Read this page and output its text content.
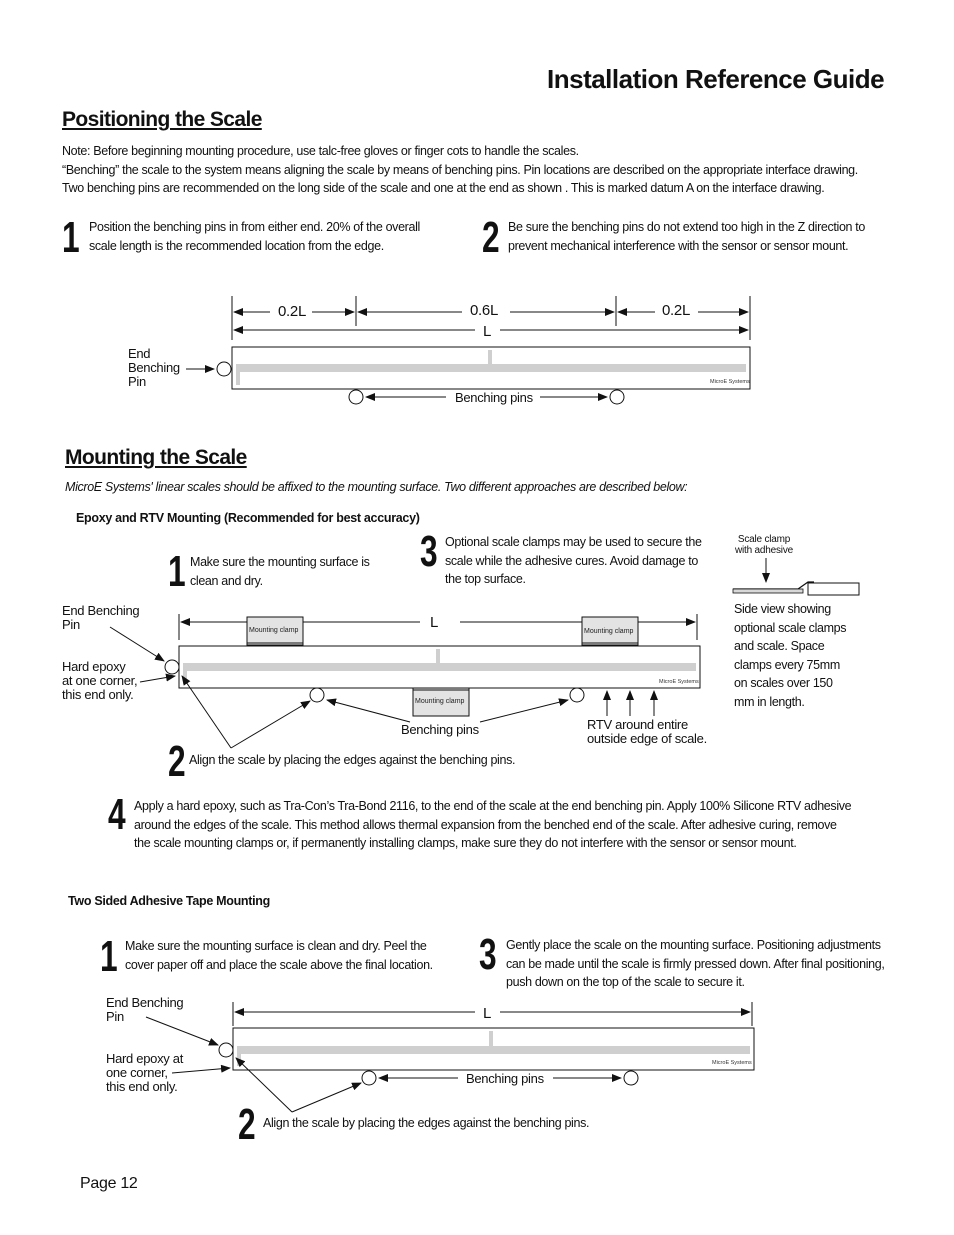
Installation Reference Guide
Positioning the Scale
Note: Before beginning mounting procedure, use talc-free gloves or finger cots to handle the scales.
“Benching” the scale to the system means aligning the scale by means of benching pins. Pin locations are described on the appropriate interface drawing.
Two benching pins are recommended on the long side of the scale and one at the end as shown . This is marked datum A on the interface drawing.
1 Position the benching pins in from either end. 20% of the overall
scale length is the recommended location from the edge.	2 Be sure the benching pins do not extend too high in the Z direction to
prevent mechanical interference with the sensor or sensor mount.
0.2L	0.6L	0.2L
L
End
Benching
Pin
Benching pins
MicroE Systems
Mounting the Scale
MicroE Systems' linear scales should be affixed to the mounting surface. Two different approaches are described below:
Epoxy and RTV Mounting (Recommended for best accuracy)
1 Make sure the mounting surface is
clean and dry.
3 Optional scale clamps may be used to secure the
scale while the adhesive cures. Avoid damage to
the top surface.
Mounting clamp	Mounting clamp
Mounting clamp
L
MicroE Systems
End Benching
Pin
Hard epoxy
at one corner,
this end only.
Benching pins	RTV around entire
outside edge of scale.
Scale clamp
with adhesive
Side view showing
optional scale clamps
and scale. Space
clamps every 75mm
on scales over 150
mm in length.
2 Align the scale by placing the edges against the benching pins.
4 Apply a hard epoxy, such as Tra-Con’s Tra-Bond 2116, to the end of the scale at the end benching pin. Apply 100% Silicone RTV adhesive
around the edges of the scale. This method allows thermal expansion from the benched end of the scale. After adhesive curing, remove
the scale mounting clamps or, if permanently installing clamps, make sure they do not interfere with the sensor or sensor mount.
Two Sided Adhesive Tape Mounting
1 Make sure the mounting surface is clean and dry. Peel the
cover paper off and place the scale above the final location.	3 Gently place the scale on the mounting surface. Positioning adjustments
can be made until the scale is firmly pressed down. After final positioning,
push down on the top of the scale to secure it.
L
MicroE Systems
End Benching
Pin
Hard epoxy at
one corner,
this end only.
Benching pins
2 Align the scale by placing the edges against the benching pins.
Page 12
